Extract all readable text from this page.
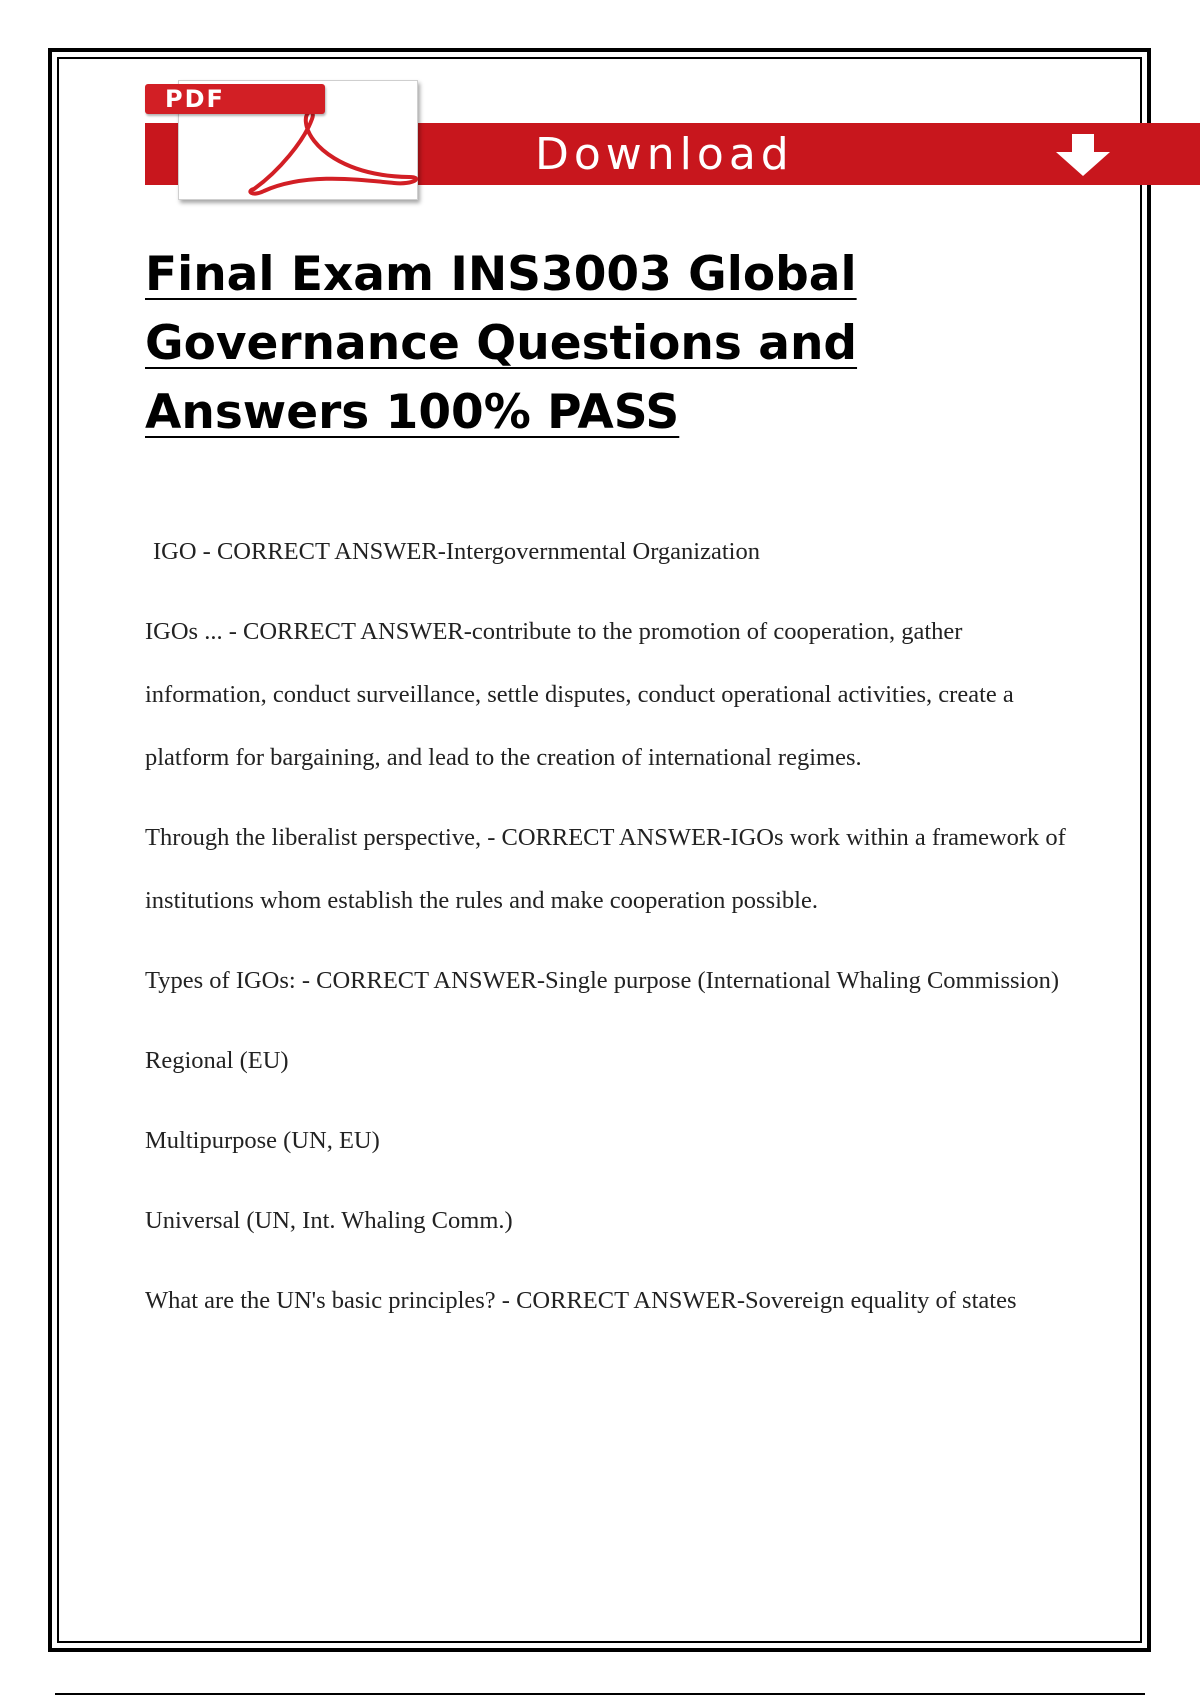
Download
PDF
Final Exam INS3003 Global Governance Questions and Answers 100% PASS

IGO - CORRECT ANSWER-Intergovernmental Organization

IGOs ... - CORRECT ANSWER-contribute to the promotion of cooperation, gather information, conduct surveillance, settle disputes, conduct operational activities, create a platform for bargaining, and lead to the creation of international regimes.

Through the liberalist perspective, - CORRECT ANSWER-IGOs work within a framework of institutions whom establish the rules and make cooperation possible.

Types of IGOs: - CORRECT ANSWER-Single purpose (International Whaling Commission)

Regional (EU)

Multipurpose (UN, EU)

Universal (UN, Int. Whaling Comm.)

What are the UN's basic principles? - CORRECT ANSWER-Sovereign equality of states
